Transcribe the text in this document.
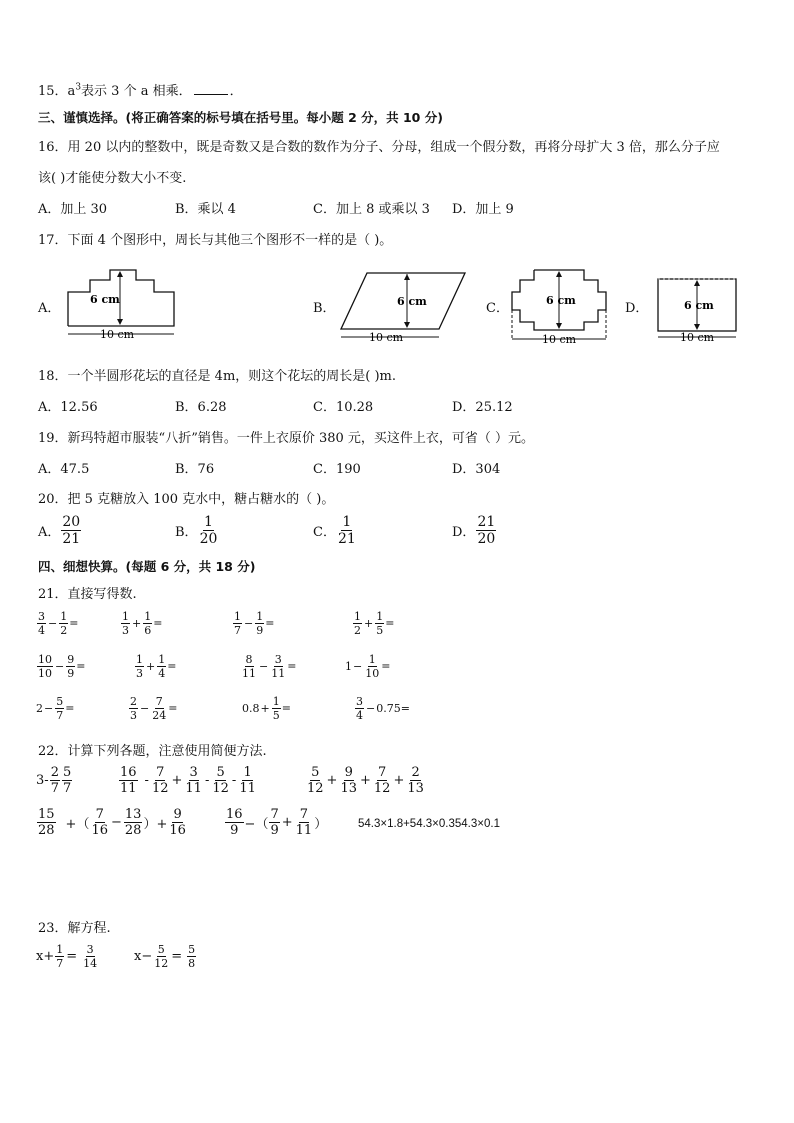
15．$a^3$表示 3 个 a 相乘．	．
三、谨慎选择。(将正确答案的标号填在括号里。每小题 2 分，共 10 分)
16．用 20 以内的整数中，既是奇数又是合数的数作为分子、分母，组成一个假分数，再将分母扩大 3 倍，那么分子应
该( )才能使分数大小不变.
A．加上 30	B．乘以 4	C．加上 8 或乘以 3 D．加上 9
17．下面 4 个图形中，周长与其他三个图形不一样的是（ )。
A．
6 cm
10 cm
B．	6 cm
10 cm
C．
6 cm
10 cm
D．	6 cm
10 cm
18．一个半圆形花坛的直径是 4m，则这个花坛的周长是( )m.
A．12.56	B．6.28	C．10.28	D．25.12
19．新玛特超市服装“八折”销售。一件上衣原价 380 元，买这件上衣，可省（ ）元。
A．47.5	B．76	C．190	D．304
20．把 5 克糖放入 100 克水中，糖占糖水的（ )。
A． $\frac{20}{21}$	B． $\frac{1}{20}$	C． $\frac{1}{21}$	D． $\frac{21}{20}$
四、细想快算。(每题 6 分，共 18 分)
21．直接写得数.
$\frac{3}{4} - \frac{1}{2}$ =	$\frac{1}{3} + \frac{1}{6}$ =	$\frac{1}{7} - \frac{1}{9}$ =	$\frac{1}{2} + \frac{1}{5}$ =
$\frac{10}{10} - \frac{9}{9}$ =	$\frac{1}{3} + \frac{1}{4}$ =	$\frac{8}{11} - \frac{3}{11}$ =	$1- \frac{1}{10}$ =
$2- \frac{5}{7}$ =	$\frac{2}{3} - \frac{7}{24}$ =	$0.8+ \frac{1}{5}$ =	$\frac{3}{4} -0.75=$
22．计算下列各题，注意使用简便方法.
$3- \frac{2}{7} \frac{5}{7}$	$\frac{16}{11} - \frac{7}{12} + \frac{3}{11} - \frac{5}{12} - \frac{1}{11}$	$\frac{5}{12} + \frac{9}{13} + \frac{7}{12} + \frac{2}{13}$
$\frac{15}{28}$ +（ $\frac{7}{16} - \frac{13}{28}$ ）+ $\frac{9}{16}$	$\frac{16}{9}$ −（ $\frac{7}{9} + \frac{7}{11}$ ）	54.3×1.8+54.3×0.354.3×0.1
23．解方程.
$x+ \frac{1}{7} = \frac{3}{14}$	$x- \frac{5}{12} = \frac{5}{8}$
